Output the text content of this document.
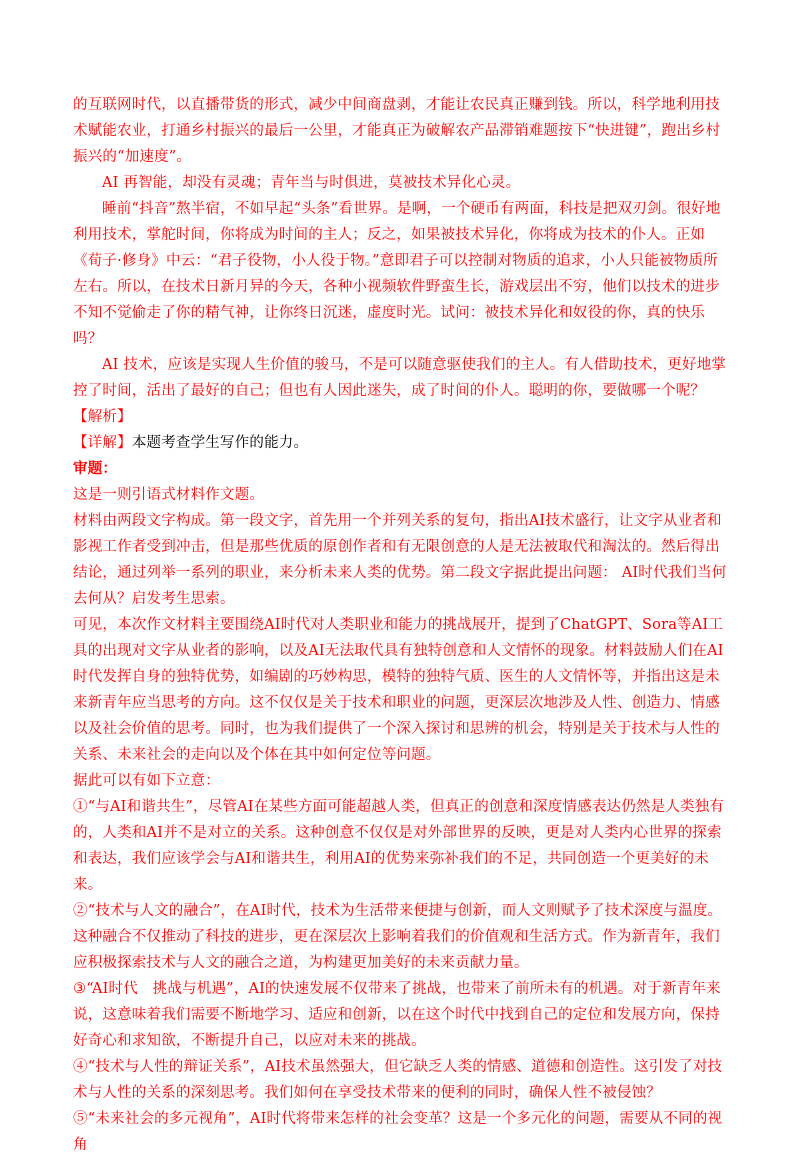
的互联网时代，以直播带货的形式，减少中间商盘剥，才能让农民真正赚到钱。所以，科学地利用技术赋能农业，打通乡村振兴的最后一公里，才能真正为破解农产品滞销难题按下“快进键”，跑出乡村振兴的“加速度”。

AI 再智能，却没有灵魂；青年当与时俱进，莫被技术异化心灵。

睡前“抖音”熬半宿，不如早起“头条”看世界。是啊，一个硬币有两面，科技是把双刃剑。很好地利用技术，掌舵时间，你将成为时间的主人；反之，如果被技术异化，你将成为技术的仆人。正如《荀子·修身》中云：“君子役物，小人役于物。”意即君子可以控制对物质的追求，小人只能被物质所左右。所以，在技术日新月异的今天，各种小视频软件野蛮生长，游戏层出不穷，他们以技术的进步不知不觉偷走了你的精气神，让你终日沉迷，虚度时光。试问：被技术异化和奴役的你，真的快乐吗？

AI 技术，应该是实现人生价值的骏马，不是可以随意驱使我们的主人。有人借助技术，更好地掌控了时间，活出了最好的自己；但也有人因此迷失，成了时间的仆人。聪明的你，要做哪一个呢？

【解析】

【详解】本题考查学生写作的能力。

审题：

这是一则引语式材料作文题。

材料由两段文字构成。第一段文字，首先用一个并列关系的复句，指出AI技术盛行，让文字从业者和影视工作者受到冲击，但是那些优质的原创作者和有无限创意的人是无法被取代和淘汰的。然后得出结论，通过列举一系列的职业，来分析未来人类的优势。第二段文字据此提出问题： AI时代我们当何去何从？启发考生思索。

可见，本次作文材料主要围绕AI时代对人类职业和能力的挑战展开，提到了ChatGPT、Sora等AI工具的出现对文字从业者的影响，以及AI无法取代具有独特创意和人文情怀的现象。材料鼓励人们在AI时代发挥自身的独特优势，如编剧的巧妙构思，模特的独特气质、医生的人文情怀等，并指出这是未来新青年应当思考的方向。这不仅仅是关于技术和职业的问题，更深层次地涉及人性、创造力、情感以及社会价值的思考。同时，也为我们提供了一个深入探讨和思辨的机会，特别是关于技术与人性的关系、未来社会的走向以及个体在其中如何定位等问题。

据此可以有如下立意：

①“与AI和谐共生”，尽管AI在某些方面可能超越人类，但真正的创意和深度情感表达仍然是人类独有的，人类和AI并不是对立的关系。这种创意不仅仅是对外部世界的反映，更是对人类内心世界的探索和表达，我们应该学会与AI和谐共生，利用AI的优势来弥补我们的不足，共同创造一个更美好的未来。

②“技术与人文的融合”，在AI时代，技术为生活带来便捷与创新，而人文则赋予了技术深度与温度。这种融合不仅推动了科技的进步，更在深层次上影响着我们的价值观和生活方式。作为新青年，我们应积极探索技术与人文的融合之道，为构建更加美好的未来贡献力量。

③“AI时代　挑战与机遇”，AI的快速发展不仅带来了挑战，也带来了前所未有的机遇。对于新青年来说，这意味着我们需要不断地学习、适应和创新，以在这个时代中找到自己的定位和发展方向，保持好奇心和求知欲，不断提升自己，以应对未来的挑战。

④“技术与人性的辩证关系”，AI技术虽然强大，但它缺乏人类的情感、道德和创造性。这引发了对技术与人性的关系的深刻思考。我们如何在享受技术带来的便利的同时，确保人性不被侵蚀？

⑤“未来社会的多元视角”，AI时代将带来怎样的社会变革？这是一个多元化的问题，需要从不同的视角
